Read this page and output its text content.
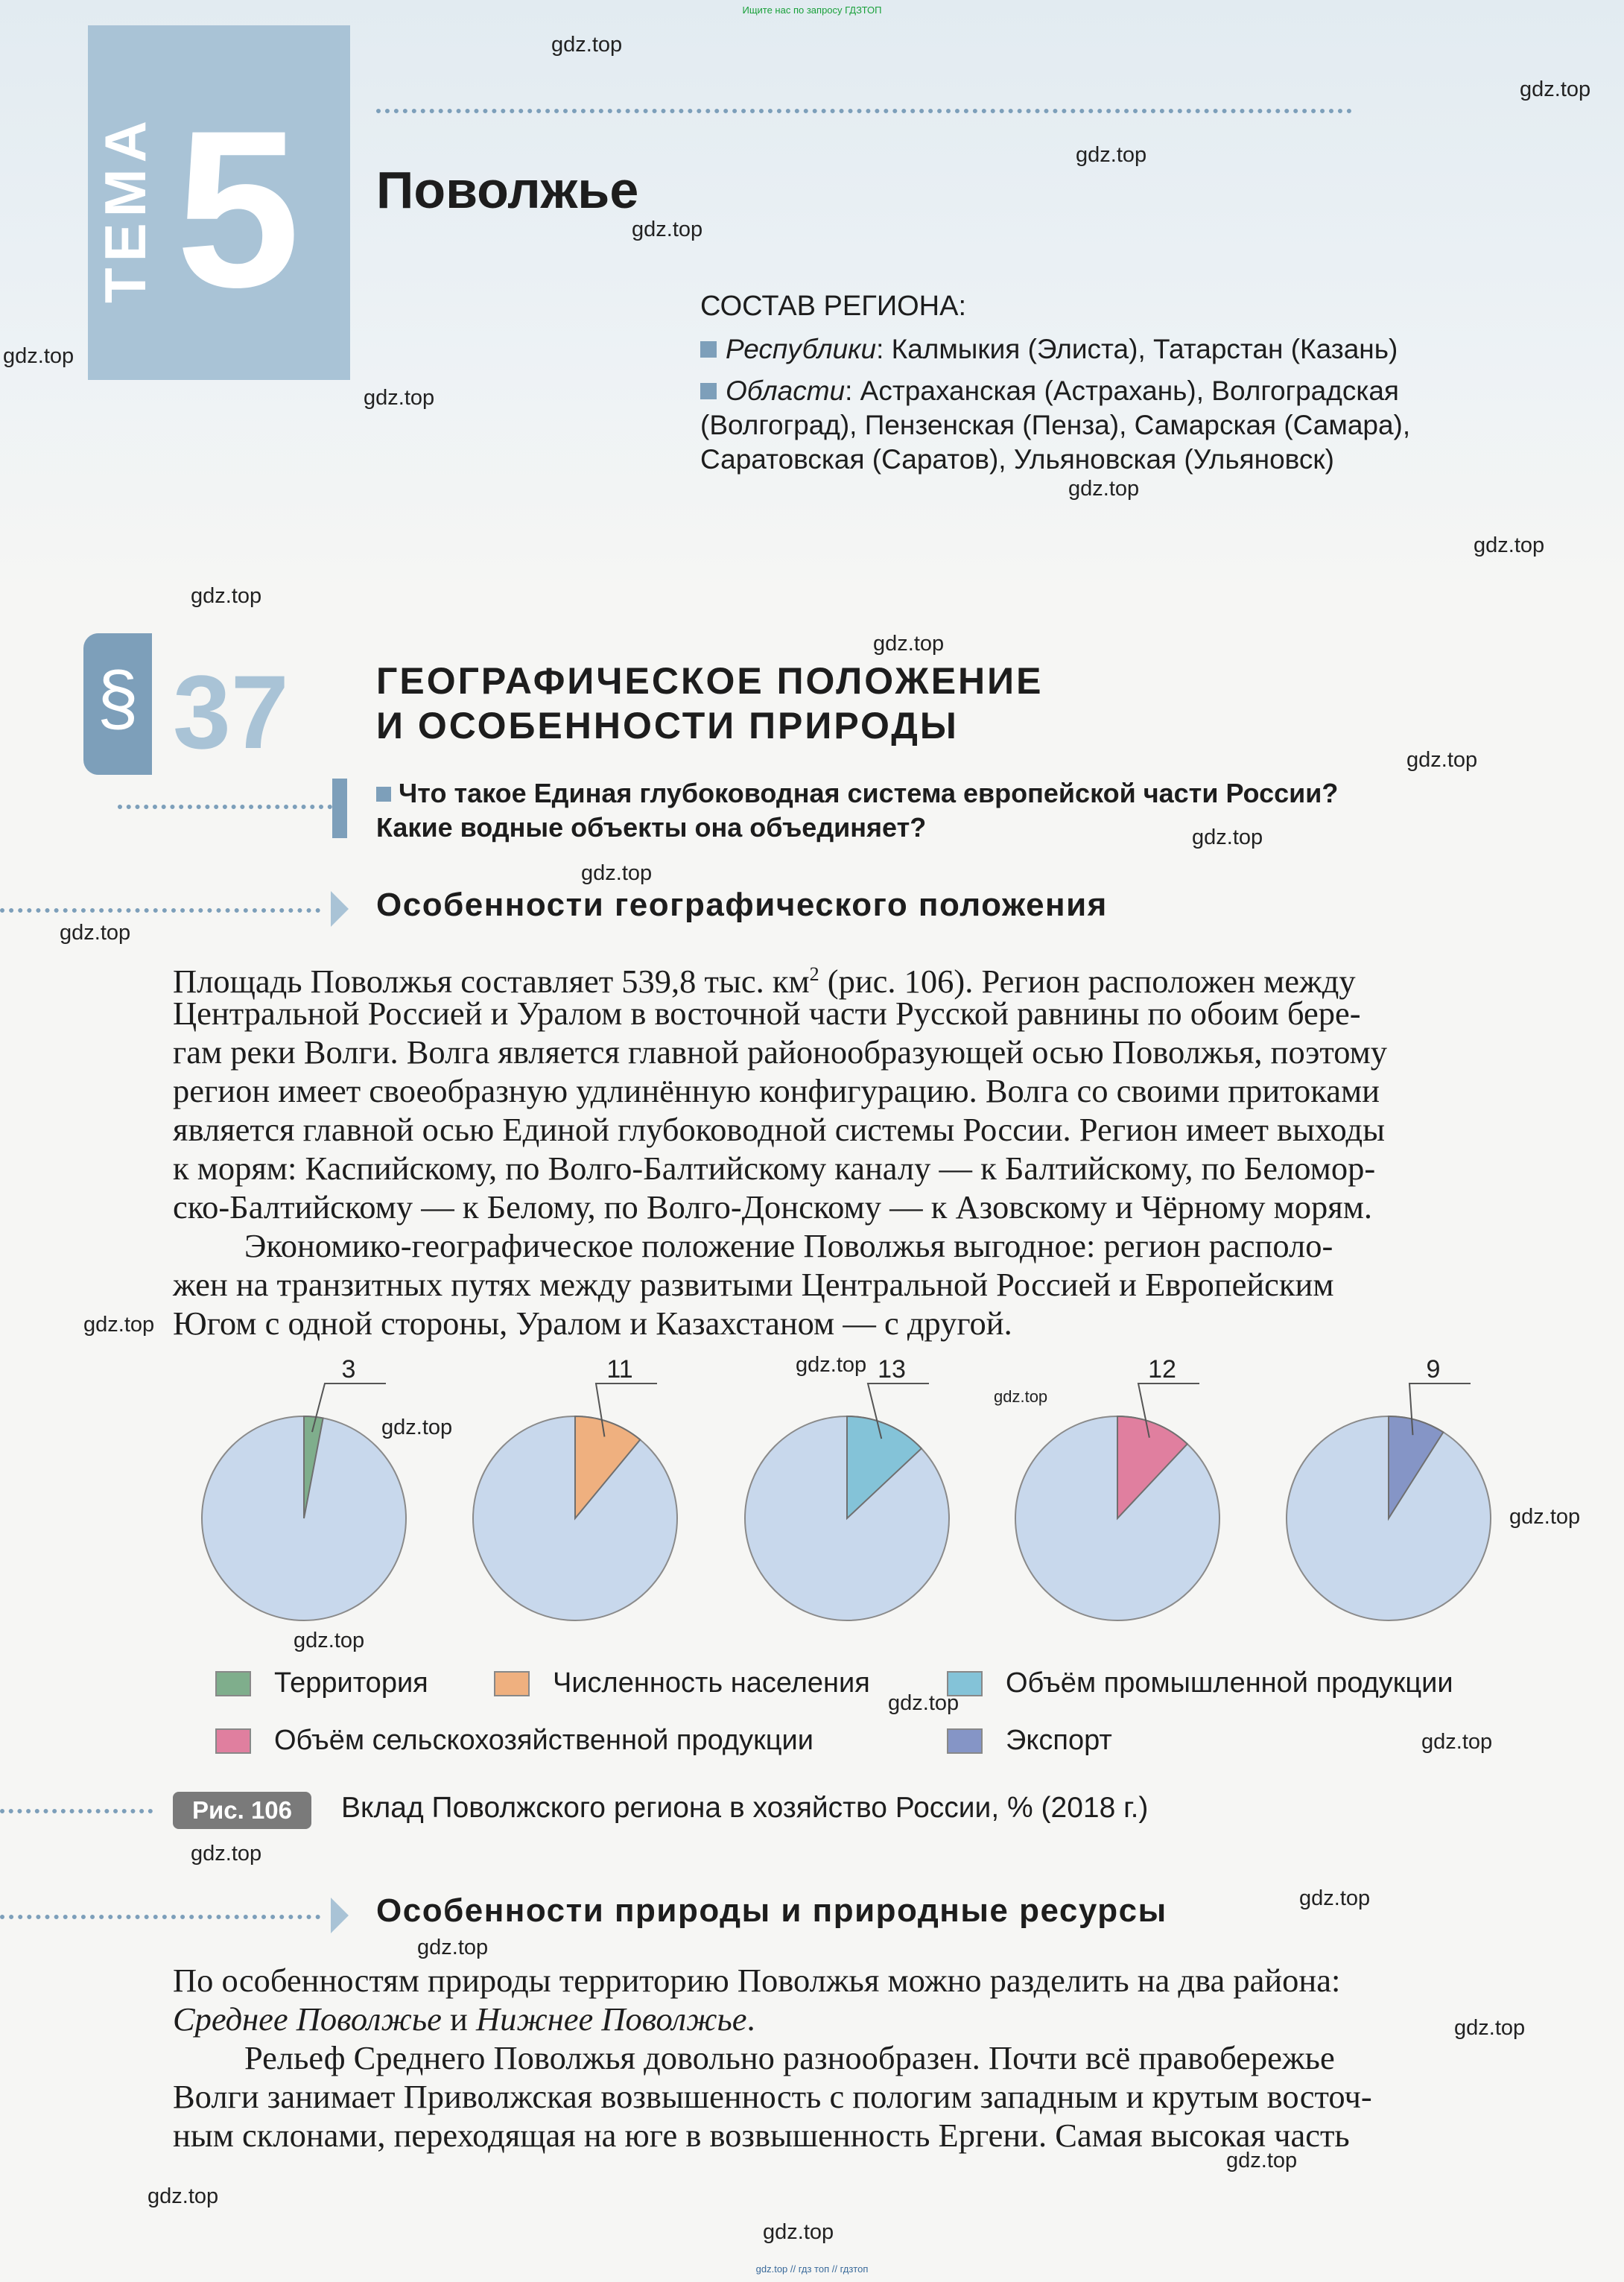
Ищите нас по запросу ГДЗТОП
ТЕМА 5 Поволжье
СОСТАВ РЕГИОНА:
Республики: Калмыкия (Элиста), Татарстан (Казань)
Области: Астраханская (Астрахань), Волгоградская
(Волгоград), Пензенская (Пенза), Самарская (Самара),
Саратовская (Саратов), Ульяновская (Ульяновск)
§ 37 ГЕОГРАФИЧЕСКОЕ ПОЛОЖЕНИЕ
И ОСОБЕННОСТИ ПРИРОДЫ
Что такое Единая глубоководная система европейской части России?
Какие водные объекты она объединяет?
Особенности географического положения
Площадь Поволжья составляет 539,8 тыс. $км^2$ (рис. 106). Регион расположен между
Центральной Россией и Уралом в восточной части Русской равнины по обоим бере-
гам реки Волги. Волга является главной районообразующей осью Поволжья, поэтому
регион имеет своеобразную удлинённую конфигурацию. Волга со своими притоками
является главной осью Единой глубоководной системы России. Регион имеет выходы
к морям: Каспийскому, по Волго-Балтийскому каналу — к Балтийскому, по Беломор-
ско-Балтийскому — к Белому, по Волго-Донскому — к Азовскому и Чёрному морям.
Экономико-географическое положение Поволжья выгодное: регион располо-
жен на транзитных путях между развитыми Центральной Россией и Европейским
Югом с одной стороны, Уралом и Казахстаном — с другой.
3	11	13	12	9
Территория	Численность населения	Объём промышленной продукции
Объём сельскохозяйственной продукции	Экспорт
Рис. 106	Вклад Поволжского региона в хозяйство России, % (2018 г.)
Особенности природы и природные ресурсы
По особенностям природы территорию Поволжья можно разделить на два района:
Среднее Поволжье и Нижнее Поволжье.
Рельеф Среднего Поволжья довольно разнообразен. Почти всё правобережье
Волги занимает Приволжская возвышенность с пологим западным и крутым восточ-
ным склонами, переходящая на юге в возвышенность Ергени. Самая высокая часть
gdz.top
gdz.top
gdz.top
gdz.top
gdz.top
gdz.top
gdz.top
gdz.top
gdz.top
gdz.top
gdz.top
gdz.top
gdz.top
gdz.top
gdz.top
gdz.top
gdz.top
gdz.top
gdz.top
gdz.top
gdz.top
gdz.top
gdz.top
gdz.top
gdz.top
gdz.top
gdz.top
gdz.top
gdz.top
gdz.top // гдз топ // гдзтоп
